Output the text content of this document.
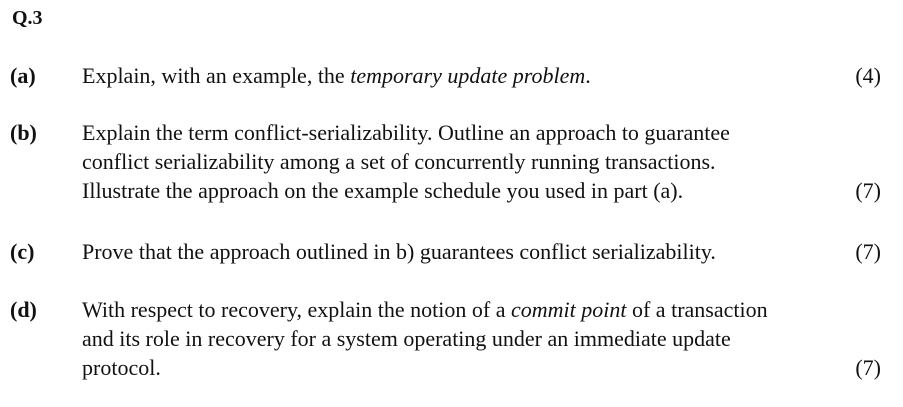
Q.3
(a) Explain, with an example, the temporary update problem.	(4)
(b) Explain the term conflict-serializability. Outline an approach to guarantee
conflict serializability among a set of concurrently running transactions.
Illustrate the approach on the example schedule you used in part (a).	(7)
(c) Prove that the approach outlined in b) guarantees conflict serializability.	(7)
(d) With respect to recovery, explain the notion of a commit point of a transaction
and its role in recovery for a system operating under an immediate update
protocol.	(7)
